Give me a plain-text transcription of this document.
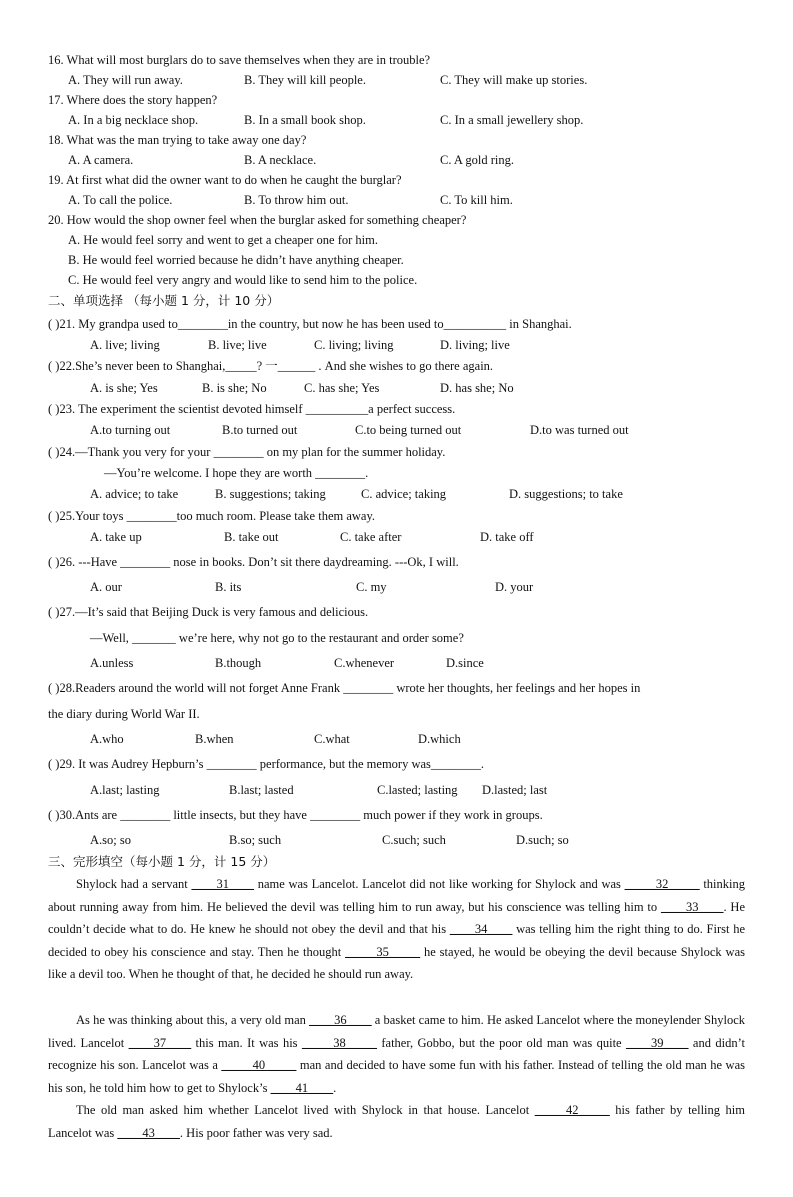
16. What will most burglars do to save themselves when they are in trouble?
A. They will run away.	B. They will kill people.	C. They will make up stories.
17. Where does the story happen?
A. In a big necklace shop.	B. In a small book shop.	C. In a small jewellery shop.
18. What was the man trying to take away one day?
A. A camera.	B. A necklace.	C. A gold ring.
19. At first what did the owner want to do when he caught the burglar?
A. To call the police.	B. To throw him out.	C. To kill him.
20. How would the shop owner feel when the burglar asked for something cheaper?
A. He would feel sorry and went to get a cheaper one for him.
B. He would feel worried because he didn’t have anything cheaper.
C. He would feel very angry and would like to send him to the police.
二、单项选择 （每小题 1 分，计 10 分）
( )21. My grandpa used to________in the country, but now he has been used to__________ in Shanghai.
A. live; living	B. live; live	C. living; living	D. living; live
( )22.She’s never been to Shanghai,_____? 一______ . And she wishes to go there again.
A. is she; Yes	B. is she; No	C. has she; Yes	D. has she; No
( )23. The experiment the scientist devoted himself __________a perfect success.
A.to turning out	B.to turned out	C.to being turned out	D.to was turned out
( )24.—Thank you very for your ________ on my plan for the summer holiday.
—You’re welcome. I hope they are worth ________.
A. advice; to take	B. suggestions; taking	C. advice; taking	D. suggestions; to take
( )25.Your toys ________too much room. Please take them away.
A. take up	B. take out	C. take after	D. take off
( )26. ---Have ________ nose in books. Don’t sit there daydreaming. ---Ok, I will.
A. our	B. its	C. my	D. your
( )27.—It’s said that Beijing Duck is very famous and delicious.
—Well, _______ we’re here, why not go to the restaurant and order some?
A.unless	B.though	C.whenever	D.since
( )28.Readers around the world will not forget Anne Frank ________ wrote her thoughts, her feelings and her hopes in
the diary during World War II.
A.who	B.when	C.what	D.which
( )29. It was Audrey Hepburn’s ________ performance, but the memory was________.
A.last; lasting	B.last; lasted	C.lasted; lasting D.lasted; last
( )30.Ants are ________ little insects, but they have ________ much power if they work in groups.
A.so; so	B.so; such	C.such; such	D.such; so
三、完形填空（每小题 1 分，计 15 分）
Shylock had a servant ____31____ name was Lancelot. Lancelot did not like working for Shylock and was _____32_____ thinking about running away from him. He believed the devil was telling him to run away, but his conscience was telling him to ____33____. He couldn’t decide what to do. He knew he should not obey the devil and that his ____34____ was telling him the right thing to do. First he decided to obey his conscience and stay. Then he thought _____35_____ he stayed, he would be obeying the devil because Shylock was like a devil too. When he thought of that, he decided he should run away.
As he was thinking about this, a very old man ____36____ a basket came to him. He asked Lancelot where the moneylender Shylock lived. Lancelot ____37____ this man. It was his _____38_____ father, Gobbo, but the poor old man was quite ____39____ and didn’t recognize his son. Lancelot was a _____40_____ man and decided to have some fun with his father. Instead of telling the old man he was his son, he told him how to get to Shylock’s ____41____.
The old man asked him whether Lancelot lived with Shylock in that house. Lancelot _____42_____ his father by telling him Lancelot was ____43____. His poor father was very sad.
